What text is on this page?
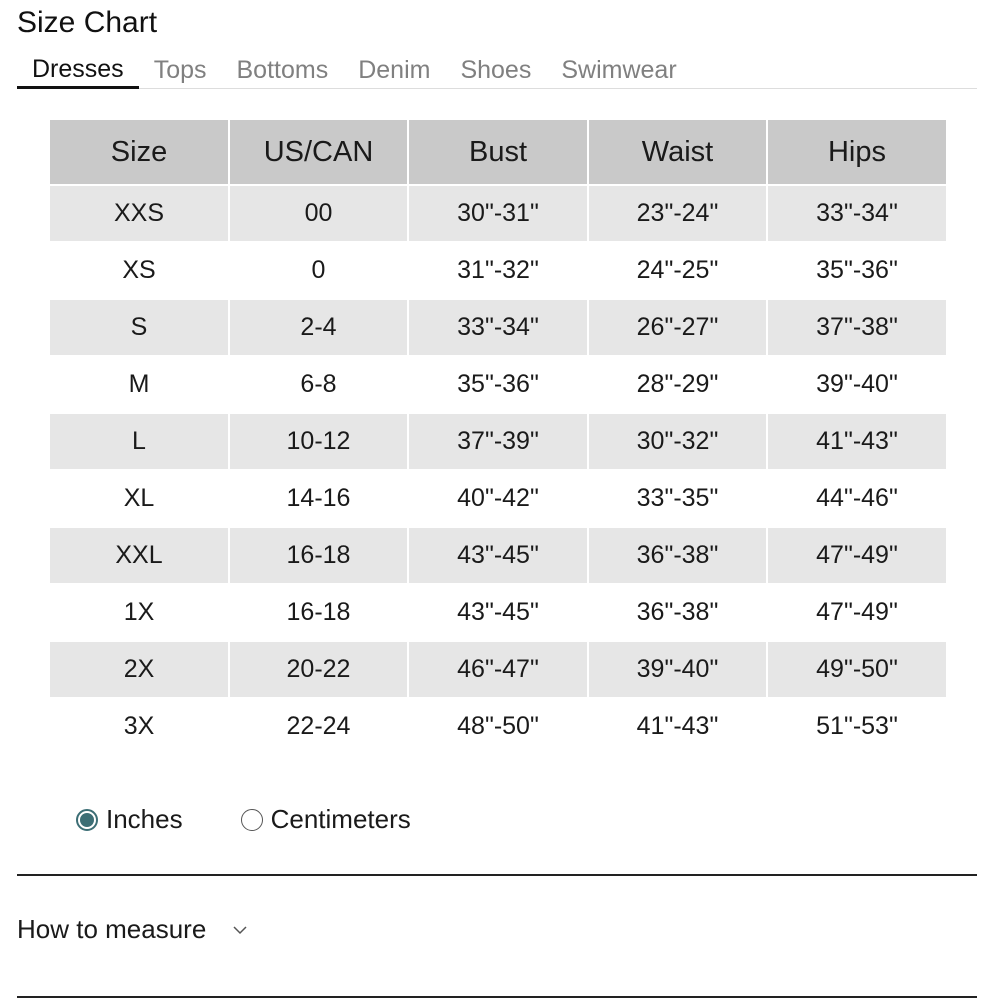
Size Chart
Dresses	Tops	Bottoms	Denim	Shoes	Swimwear
Size	US/CAN	Bust	Waist	Hips
XXS	00	30"-31"	23"-24"	33"-34"
XS	0	31"-32"	24"-25"	35"-36"
S	2-4	33"-34"	26"-27"	37"-38"
M	6-8	35"-36"	28"-29"	39"-40"
L	10-12	37"-39"	30"-32"	41"-43"
XL	14-16	40"-42"	33"-35"	44"-46"
XXL	16-18	43"-45"	36"-38"	47"-49"
1X	16-18	43"-45"	36"-38"	47"-49"
2X	20-22	46"-47"	39"-40"	49"-50"
3X	22-24	48"-50"	41"-43"	51"-53"
Inches	Centimeters
How to measure
